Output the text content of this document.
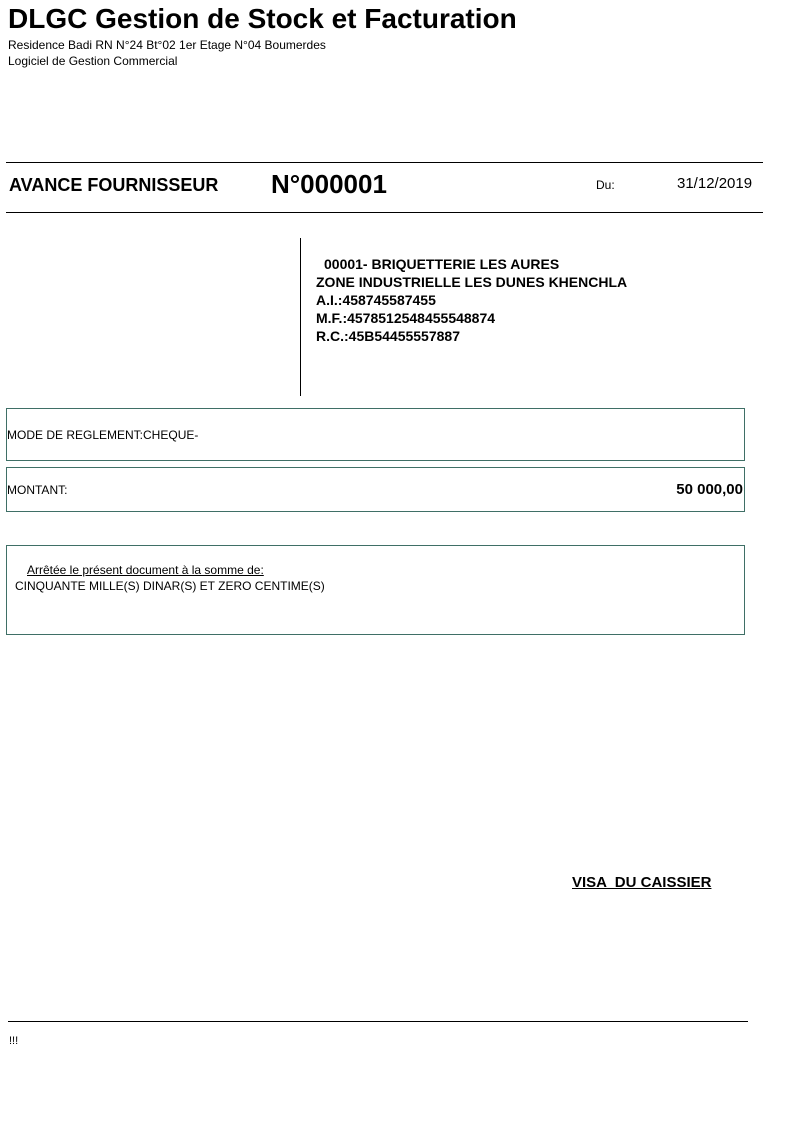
DLGC Gestion de Stock et Facturation
Residence Badi RN N°24 Bt°02 1er Etage N°04 Boumerdes
Logiciel de Gestion Commercial
AVANCE FOURNISSEUR N°000001	Du:	31/12/2019
00001- BRIQUETTERIE LES AURES
ZONE INDUSTRIELLE LES DUNES KHENCHLA
A.I.:458745587455
M.F.:4578512548455548874
R.C.:45B54455557887
MODE DE REGLEMENT:CHEQUE-
MONTANT:	50 000,00
Arrêtée le présent document à la somme de:
CINQUANTE MILLE(S) DINAR(S) ET ZERO CENTIME(S)
VISA  DU CAISSIER
!!!
